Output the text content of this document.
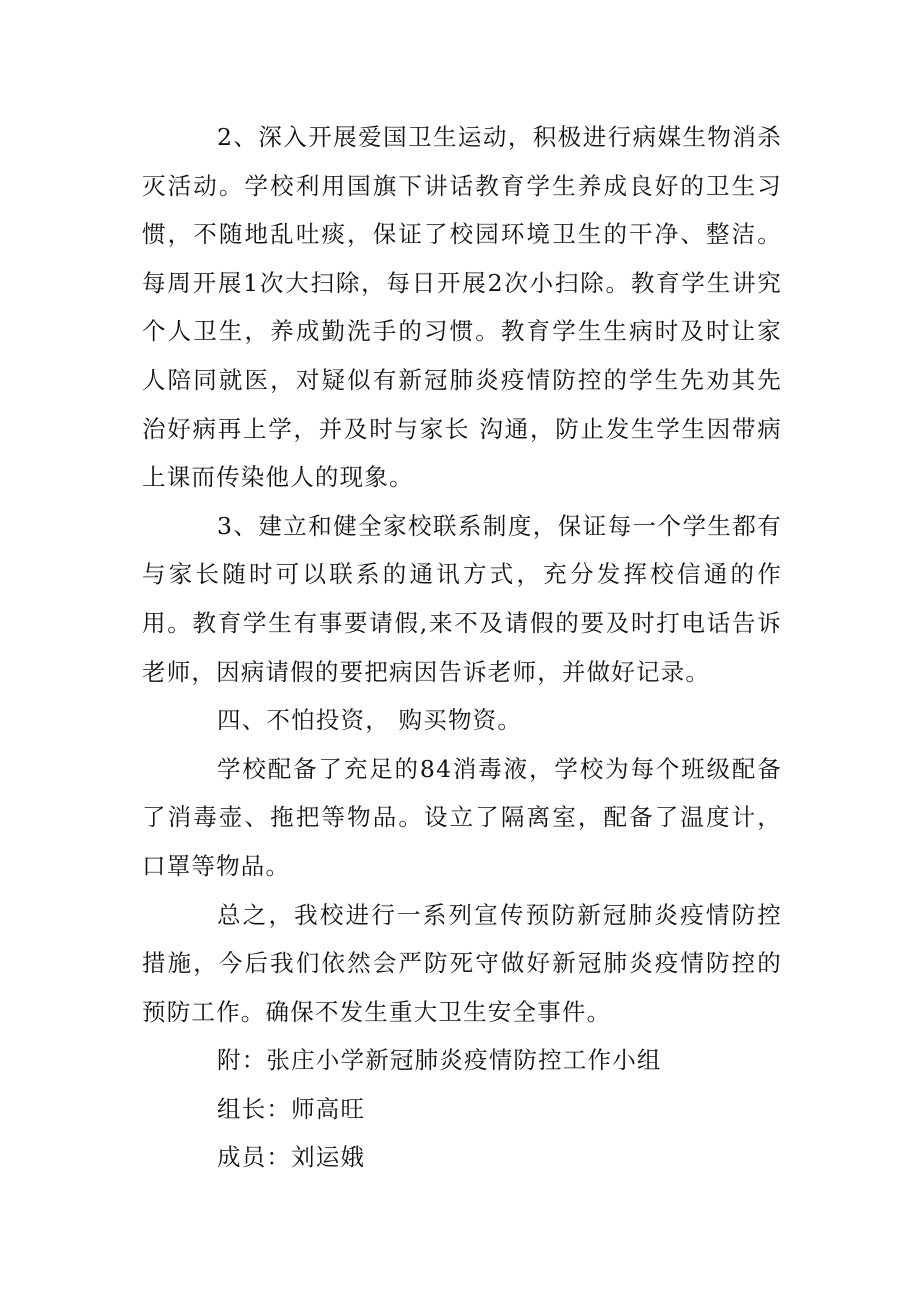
2、深入开展爱国卫生运动，积极进行病媒生物消杀灭活动。学校利用国旗下讲话教育学生养成良好的卫生习惯，不随地乱吐痰，保证了校园环境卫生的干净、整洁。每周开展1次大扫除，每日开展2次小扫除。教育学生讲究个人卫生，养成勤洗手的习惯。教育学生生病时及时让家人陪同就医，对疑似有新冠肺炎疫情防控的学生先劝其先治好病再上学，并及时与家长 沟通，防止发生学生因带病上课而传染他人的现象。

3、建立和健全家校联系制度，保证每一个学生都有与家长随时可以联系的通讯方式，充分发挥校信通的作用。教育学生有事要请假,来不及请假的要及时打电话告诉老师，因病请假的要把病因告诉老师，并做好记录。

四、不怕投资， 购买物资。

学校配备了充足的84消毒液，学校为每个班级配备了消毒壶、拖把等物品。设立了隔离室，配备了温度计，口罩等物品。

总之，我校进行一系列宣传预防新冠肺炎疫情防控措施，今后我们依然会严防死守做好新冠肺炎疫情防控的预防工作。确保不发生重大卫生安全事件。

附：张庄小学新冠肺炎疫情防控工作小组

组长：师高旺

成员：刘运娥
